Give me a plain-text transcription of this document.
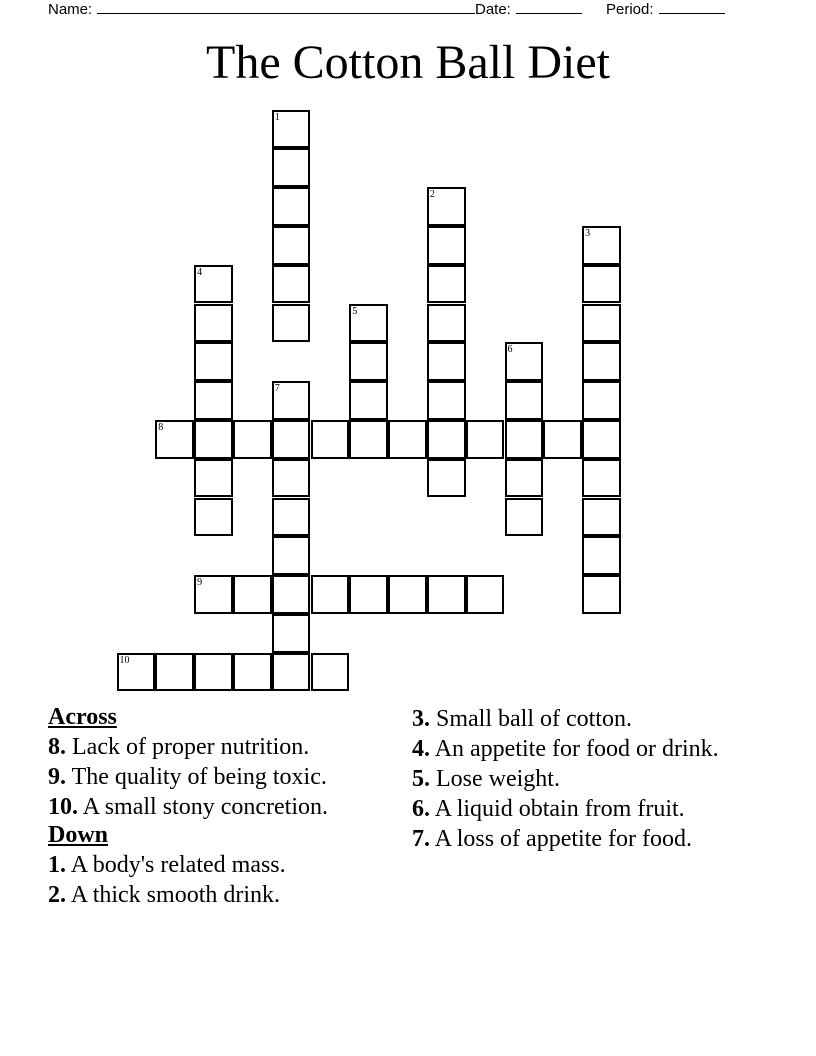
Name:	Date:	Period:
The Cotton Ball Diet
1
2
3
4
5
6
7
8
9
10
Across
8. Lack of proper nutrition.
9. The quality of being toxic.
10. A small stony concretion.
Down
1. A body's related mass.
2. A thick smooth drink.
3. Small ball of cotton.
4. An appetite for food or drink.
5. Lose weight.
6. A liquid obtain from fruit.
7. A loss of appetite for food.
